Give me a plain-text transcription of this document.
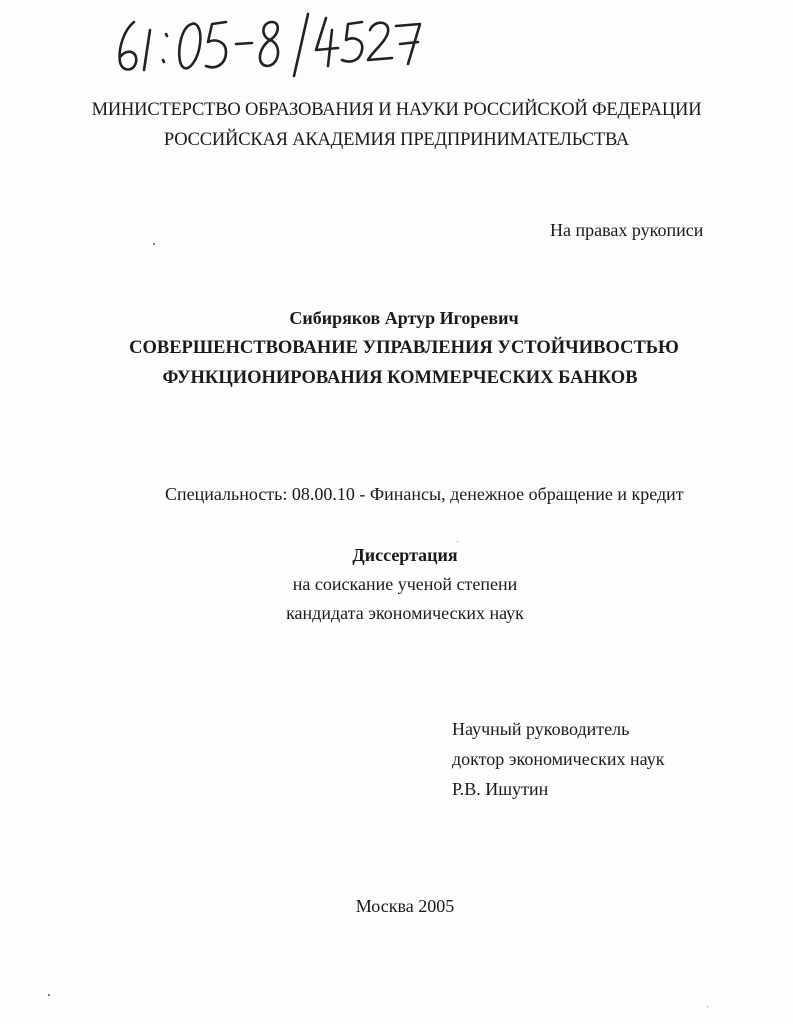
МИНИСТЕРСТВО ОБРАЗОВАНИЯ И НАУКИ РОССИЙСКОЙ ФЕДЕРАЦИИ
РОССИЙСКАЯ АКАДЕМИЯ ПРЕДПРИНИМАТЕЛЬСТВА
На правах рукописи
Сибиряков Артур Игоревич
СОВЕРШЕНСТВОВАНИЕ УПРАВЛЕНИЯ УСТОЙЧИВОСТЬЮ
ФУНКЦИОНИРОВАНИЯ КОММЕРЧЕСКИХ БАНКОВ
Специальность: 08.00.10 - Финансы, денежное обращение и кредит
Диссертация
на соискание ученой степени
кандидата экономических наук
Научный руководитель
доктор экономических наук
Р.В. Ишутин
Москва 2005
